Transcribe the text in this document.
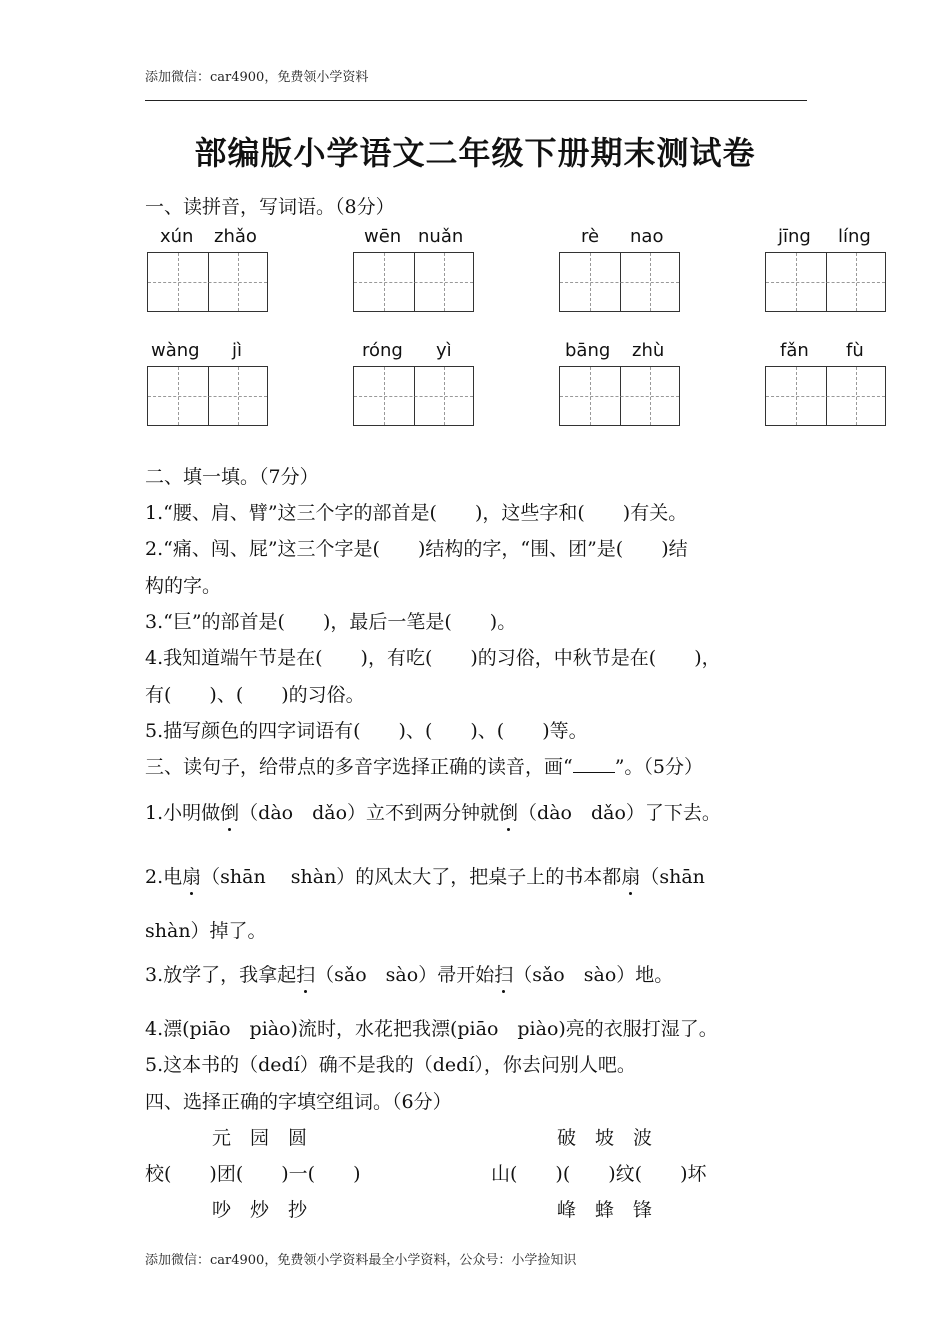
添加微信：car4900，免费领小学资料
部编版小学语文二年级下册期末测试卷
一、读拼音，写词语。（8分）
xún zhǎo	wēn nuǎn	rè nao	jīng líng
wàng jì	róng yì	bāng zhù	fǎn fù
二、填一填。（7分）
1.“腰、肩、臂”这三个字的部首是(　　)，这些字和(　　)有关。
2.“痛、闯、屁”这三个字是(　　)结构的字，“围、团”是(　　)结
构的字。
3.“巨”的部首是(　　)，最后一笔是(　　)。
4.我知道端午节是在(　　)，有吃(　　)的习俗，中秋节是在(　　)，
有(　　)、(　　)的习俗。
5.描写颜色的四字词语有(　　)、(　　)、(　　)等。
三、读句子，给带点的多音字选择正确的读音，画“ ”。（5分）
1.小明做倒（dào　dǎo）立不到两分钟就倒（dào　dǎo）了下去。
2.电扇（shān　 shàn）的风太大了，把桌子上的书本都扇（shān
shàn）掉了。
3.放学了，我拿起扫（sǎo　sào）帚开始扫（sǎo　sào）地。
4.漂(piāo　piào)流时，水花把我漂(piāo　piào)亮的衣服打湿了。
5.这本书的（dedí）确不是我的（dedí），你去问别人吧。
四、选择正确的字填空组词。（6分）
元　园　圆
校(　　)团(　　)一(　　)
吵　炒　抄
破　坡　波
山(　　)(　　)纹(　　)坏
峰　蜂　锋
添加微信：car4900，免费领小学资料最全小学资料，公众号：小学捡知识
